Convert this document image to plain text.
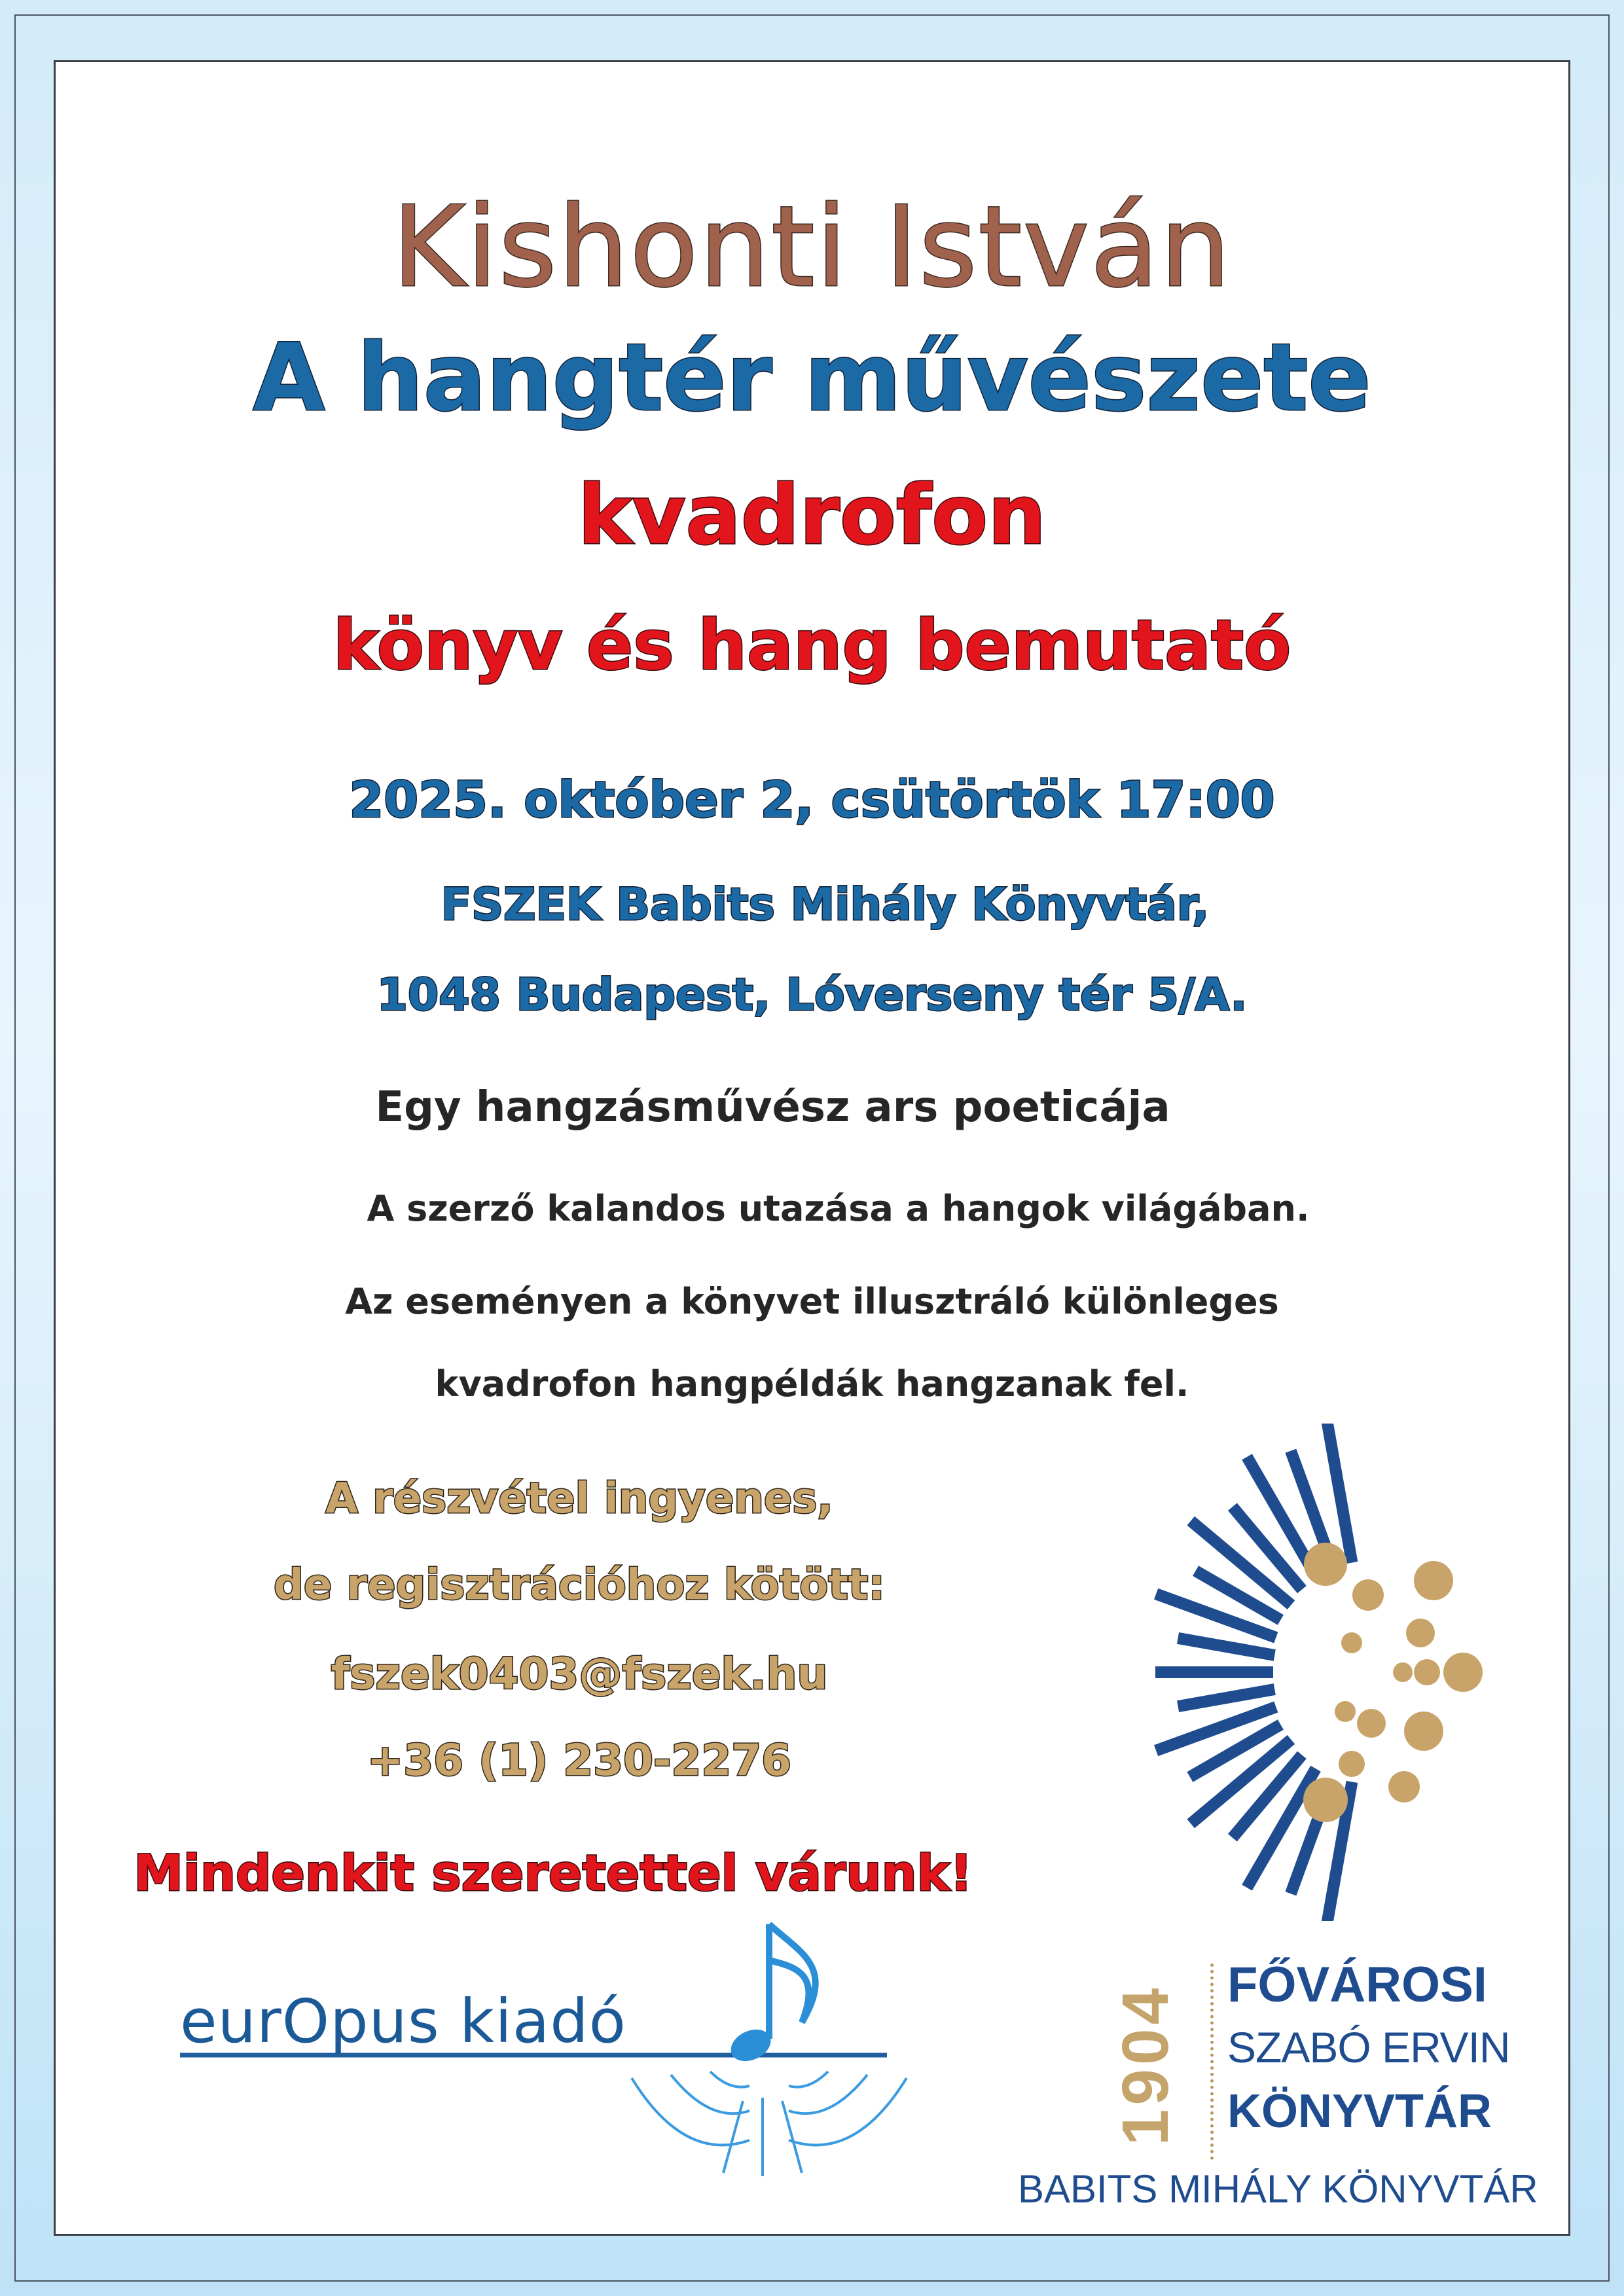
Kishonti István
A hangtér művészete
kvadrofon
könyv és hang bemutató
2025. október 2, csütörtök 17:00
FSZEK Babits Mihály Könyvtár,
1048 Budapest, Lóverseny tér 5/A.
Egy hangzásművész ars poeticája
A szerző kalandos utazása a hangok világában.
Az eseményen a könyvet illusztráló különleges
kvadrofon hangpéldák hangzanak fel.
A részvétel ingyenes,
de regisztrációhoz kötött:
fszek0403@fszek.hu
+36 (1) 230-2276
Mindenkit szeretettel várunk!
eurOpus kiadó	1904 FŐVÁROSI
SZABÓ ERVIN
KÖNYVTÁR
BABITS MIHÁLY KÖNYVTÁR
